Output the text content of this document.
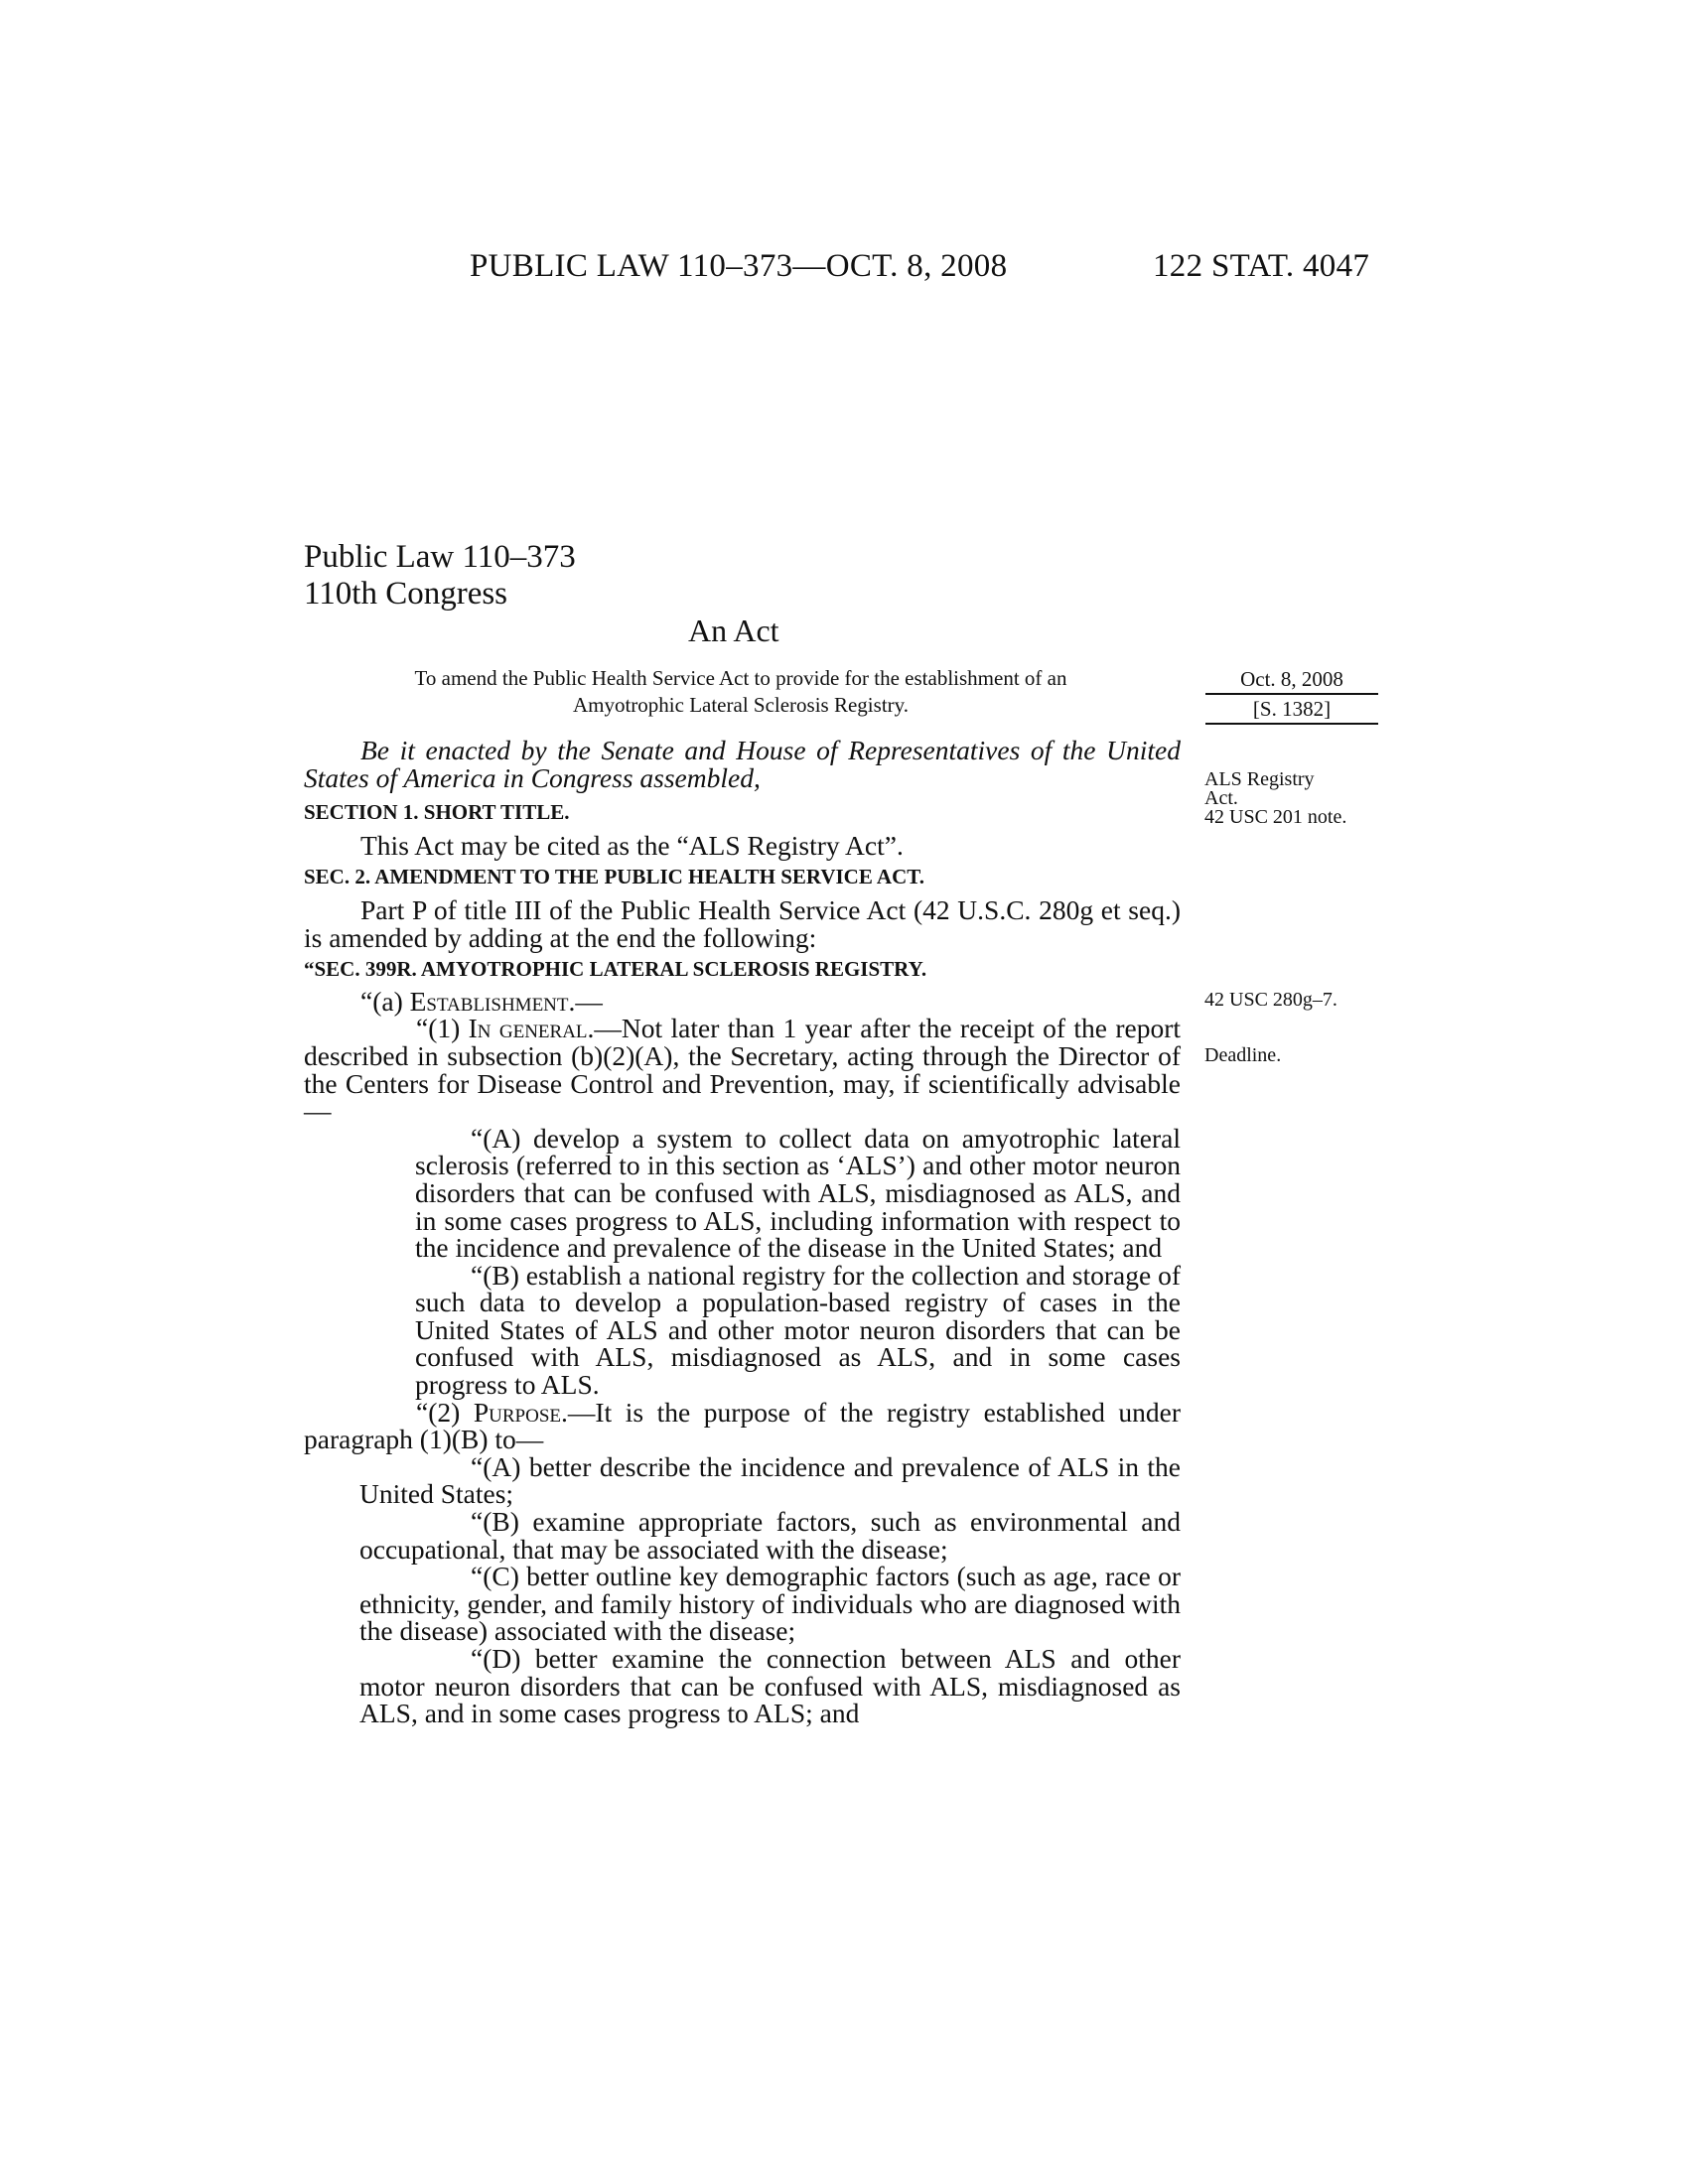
PUBLIC LAW 110–373—OCT. 8, 2008	122 STAT. 4047
Public Law 110–373
110th Congress
An Act
To amend the Public Health Service Act to provide for the establishment of an
Amyotrophic Lateral Sclerosis Registry.
Oct. 8, 2008
[S. 1382]
ALS Registry
Act.
42 USC 201 note.
42 USC 280g–7.
Deadline.

Be it enacted by the Senate and House of Representatives of the United States of America in Congress assembled,

SECTION 1. SHORT TITLE.

This Act may be cited as the “ALS Registry Act”.

SEC. 2. AMENDMENT TO THE PUBLIC HEALTH SERVICE ACT.

Part P of title III of the Public Health Service Act (42 U.S.C. 280g et seq.) is amended by adding at the end the following:

“SEC. 399R. AMYOTROPHIC LATERAL SCLEROSIS REGISTRY.

“(a) Establishment.—

“(1) In general.—Not later than 1 year after the receipt of the report described in subsection (b)(2)(A), the Secretary, acting through the Director of the Centers for Disease Control and Prevention, may, if scientifically advisable—

“(A) develop a system to collect data on amyotrophic lateral sclerosis (referred to in this section as ‘ALS’) and other motor neuron disorders that can be confused with ALS, misdiagnosed as ALS, and in some cases progress to ALS, including information with respect to the incidence and prevalence of the disease in the United States; and

“(B) establish a national registry for the collection and storage of such data to develop a population-based registry of cases in the United States of ALS and other motor neuron disorders that can be confused with ALS, misdiagnosed as ALS, and in some cases progress to ALS.

“(2) Purpose.—It is the purpose of the registry established under paragraph (1)(B) to—

“(A) better describe the incidence and prevalence of ALS in the United States;

“(B) examine appropriate factors, such as environmental and occupational, that may be associated with the disease;

“(C) better outline key demographic factors (such as age, race or ethnicity, gender, and family history of individuals who are diagnosed with the disease) associated with the disease;

“(D) better examine the connection between ALS and other motor neuron disorders that can be confused with ALS, misdiagnosed as ALS, and in some cases progress to ALS; and
